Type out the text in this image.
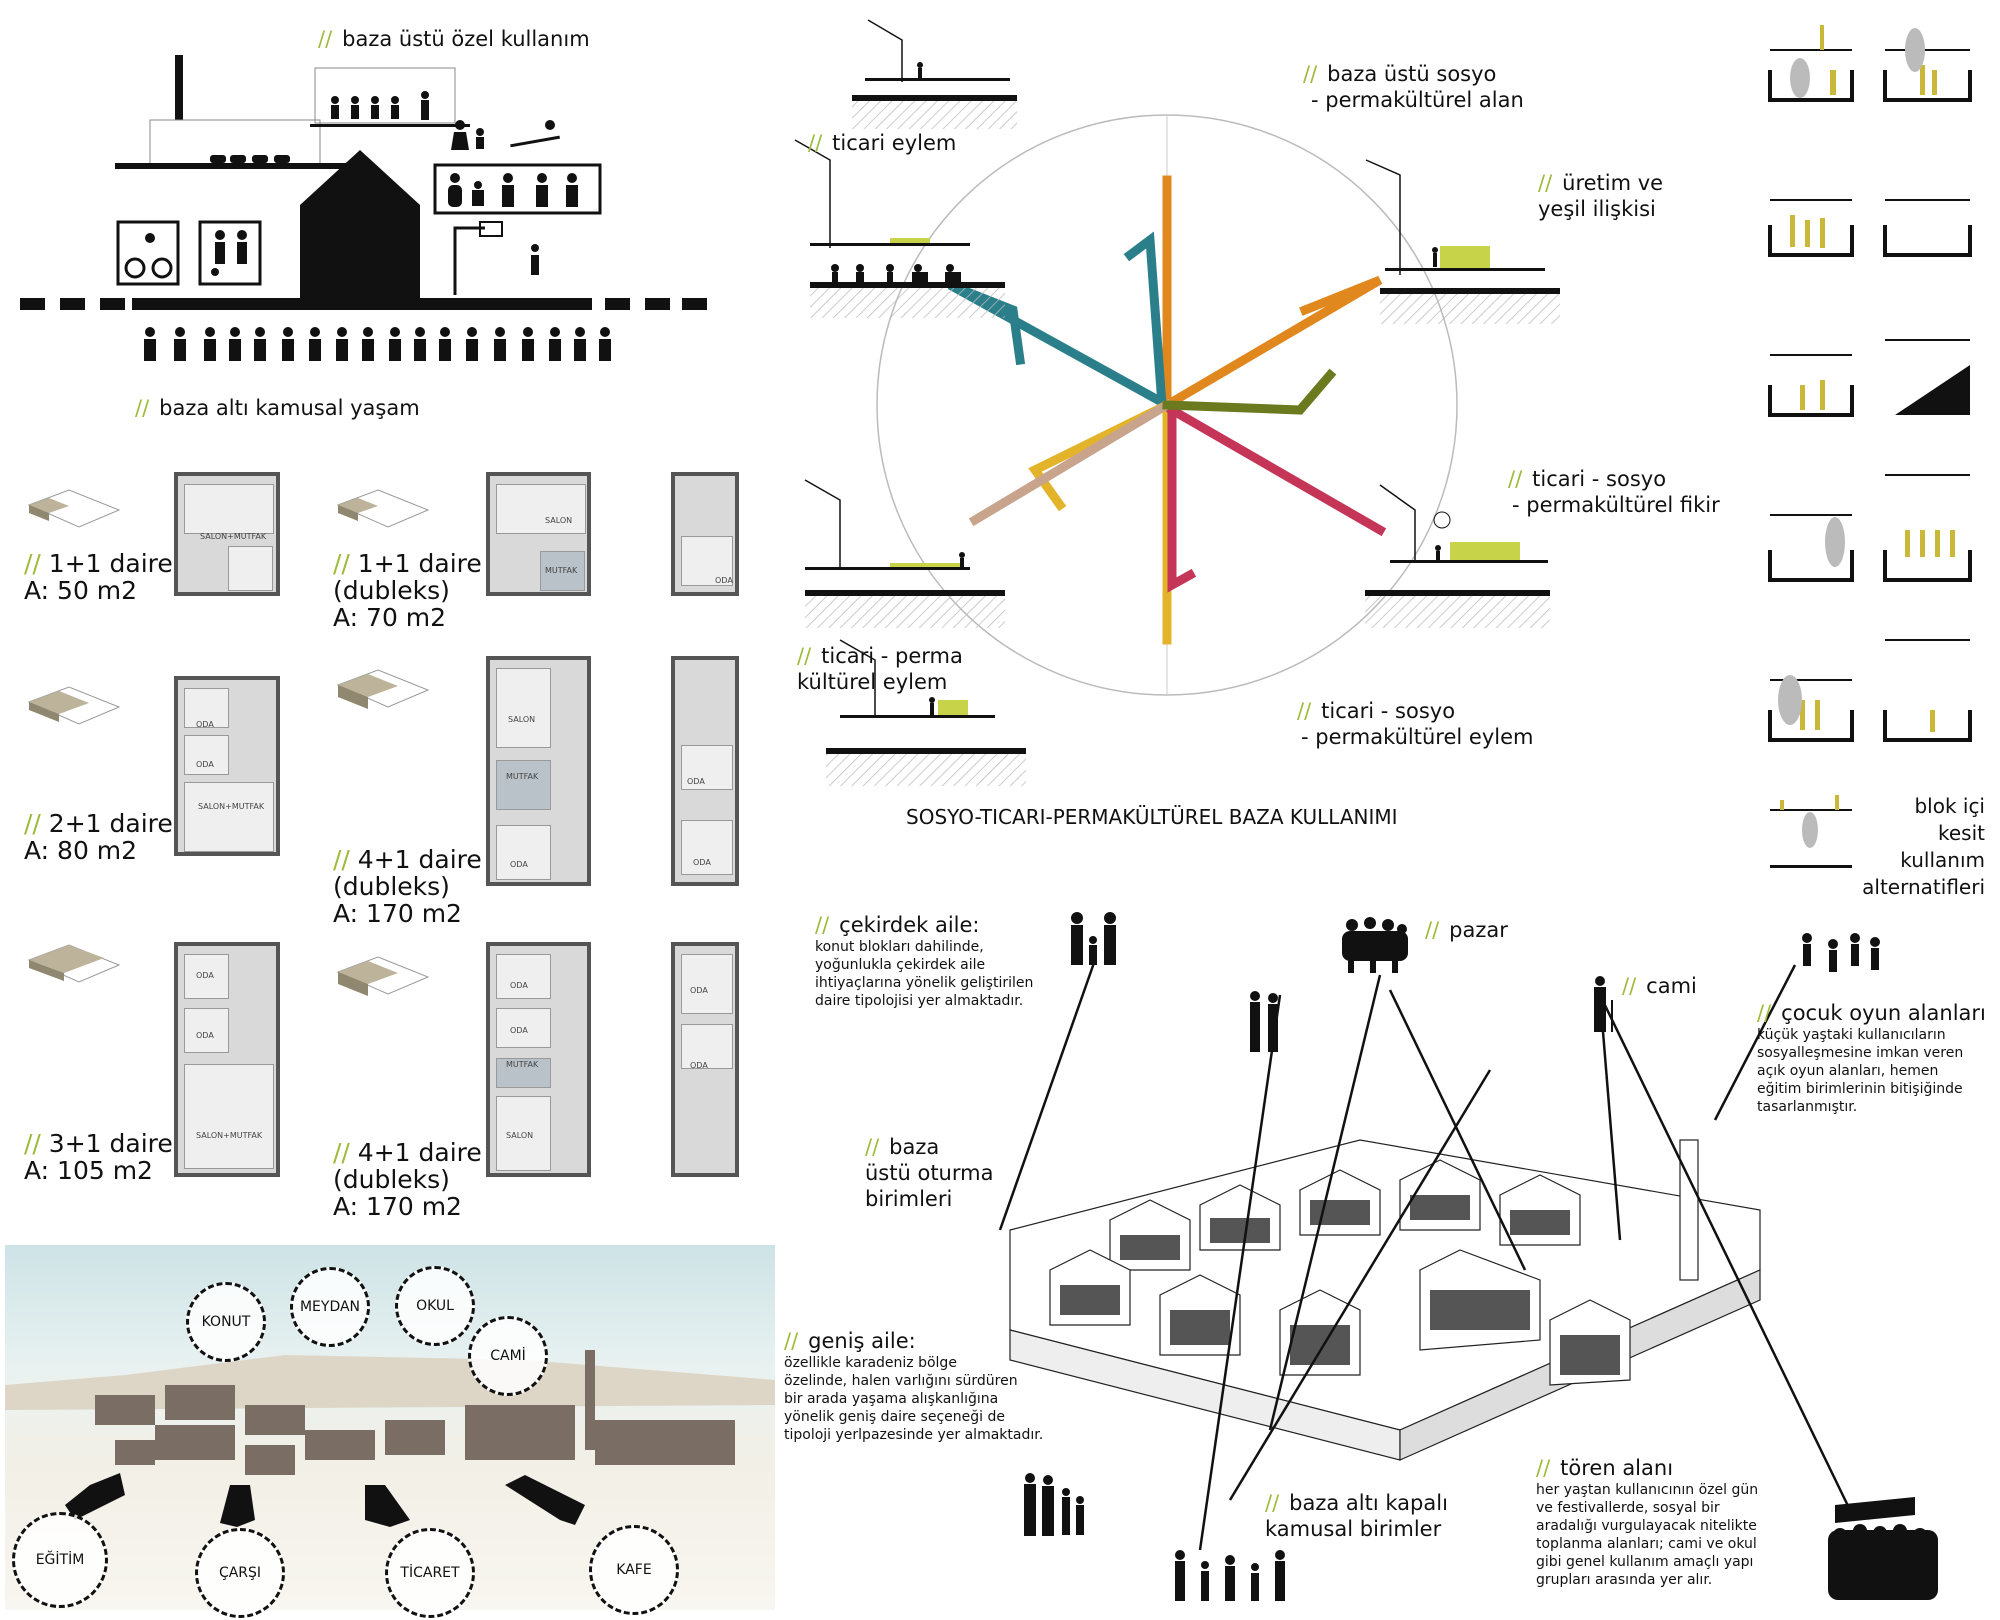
// baza üstü özel kullanım
// baza altı kamusal yaşam
// 1+1 daire
A: 50 m2
// 1+1 daire
(dubleks)
A: 70 m2
// 2+1 daire
A: 80 m2	// 4+1 daire
(dubleks)
A: 170 m2
// 3+1 daire
A: 105 m2
// 4+1 daire
(dubleks)
A: 170 m2
SALON+MUTFAK
SALON
MUTFAK
ODA
ODA
ODA
SALON+MUTFAK
SALON
MUTFAK
ODA
ODA
ODA
ODA
ODA
SALON+MUTFAK
ODA
ODA
MUTFAK
SALON
ODA
ODA
// baza üstü sosyo
- permakültürel alan
// ticari eylem
// üretim ve
yeşil ilişkisi
// ticari - sosyo
- permakültürel fikir
// ticari - perma
kültürel eylem
// ticari - sosyo
- permakültürel eylem
SOSYO-TICARI-PERMAKÜLTÜREL BAZA KULLANIMI	blok içi
kesit kullanım
alternatifleri
MEYDAN	OKUL
KONUT
CAMİ
EĞİTİM
ÇARŞI	TİCARET	KAFE
// çekirdek aile:
konut blokları dahilinde,
yoğunlukla çekirdek aile
ihtiyaçlarına yönelik geliştirilen
daire tipolojisi yer almaktadır.
// pazar
// cami
// çocuk oyun alanları
küçük yaştaki kullanıcıların
sosyalleşmesine imkan veren
açık oyun alanları, hemen
eğitim birimlerinin bitişiğinde
tasarlanmıştır.
// baza
üstü oturma
birimleri
// geniş aile:
özellikle karadeniz bölge
özelinde, halen varlığını sürdüren
bir arada yaşama alışkanlığına
yönelik geniş daire seçeneği de
tipoloji yerlpazesinde yer almaktadır.
// baza altı kapalı
kamusal birimler
// tören alanı
her yaştan kullanıcının özel gün
ve festivallerde, sosyal bir
aradalığı vurgulayacak nitelikte
toplanma alanları; cami ve okul
gibi genel kullanım amaçlı yapı
grupları arasında yer alır.
